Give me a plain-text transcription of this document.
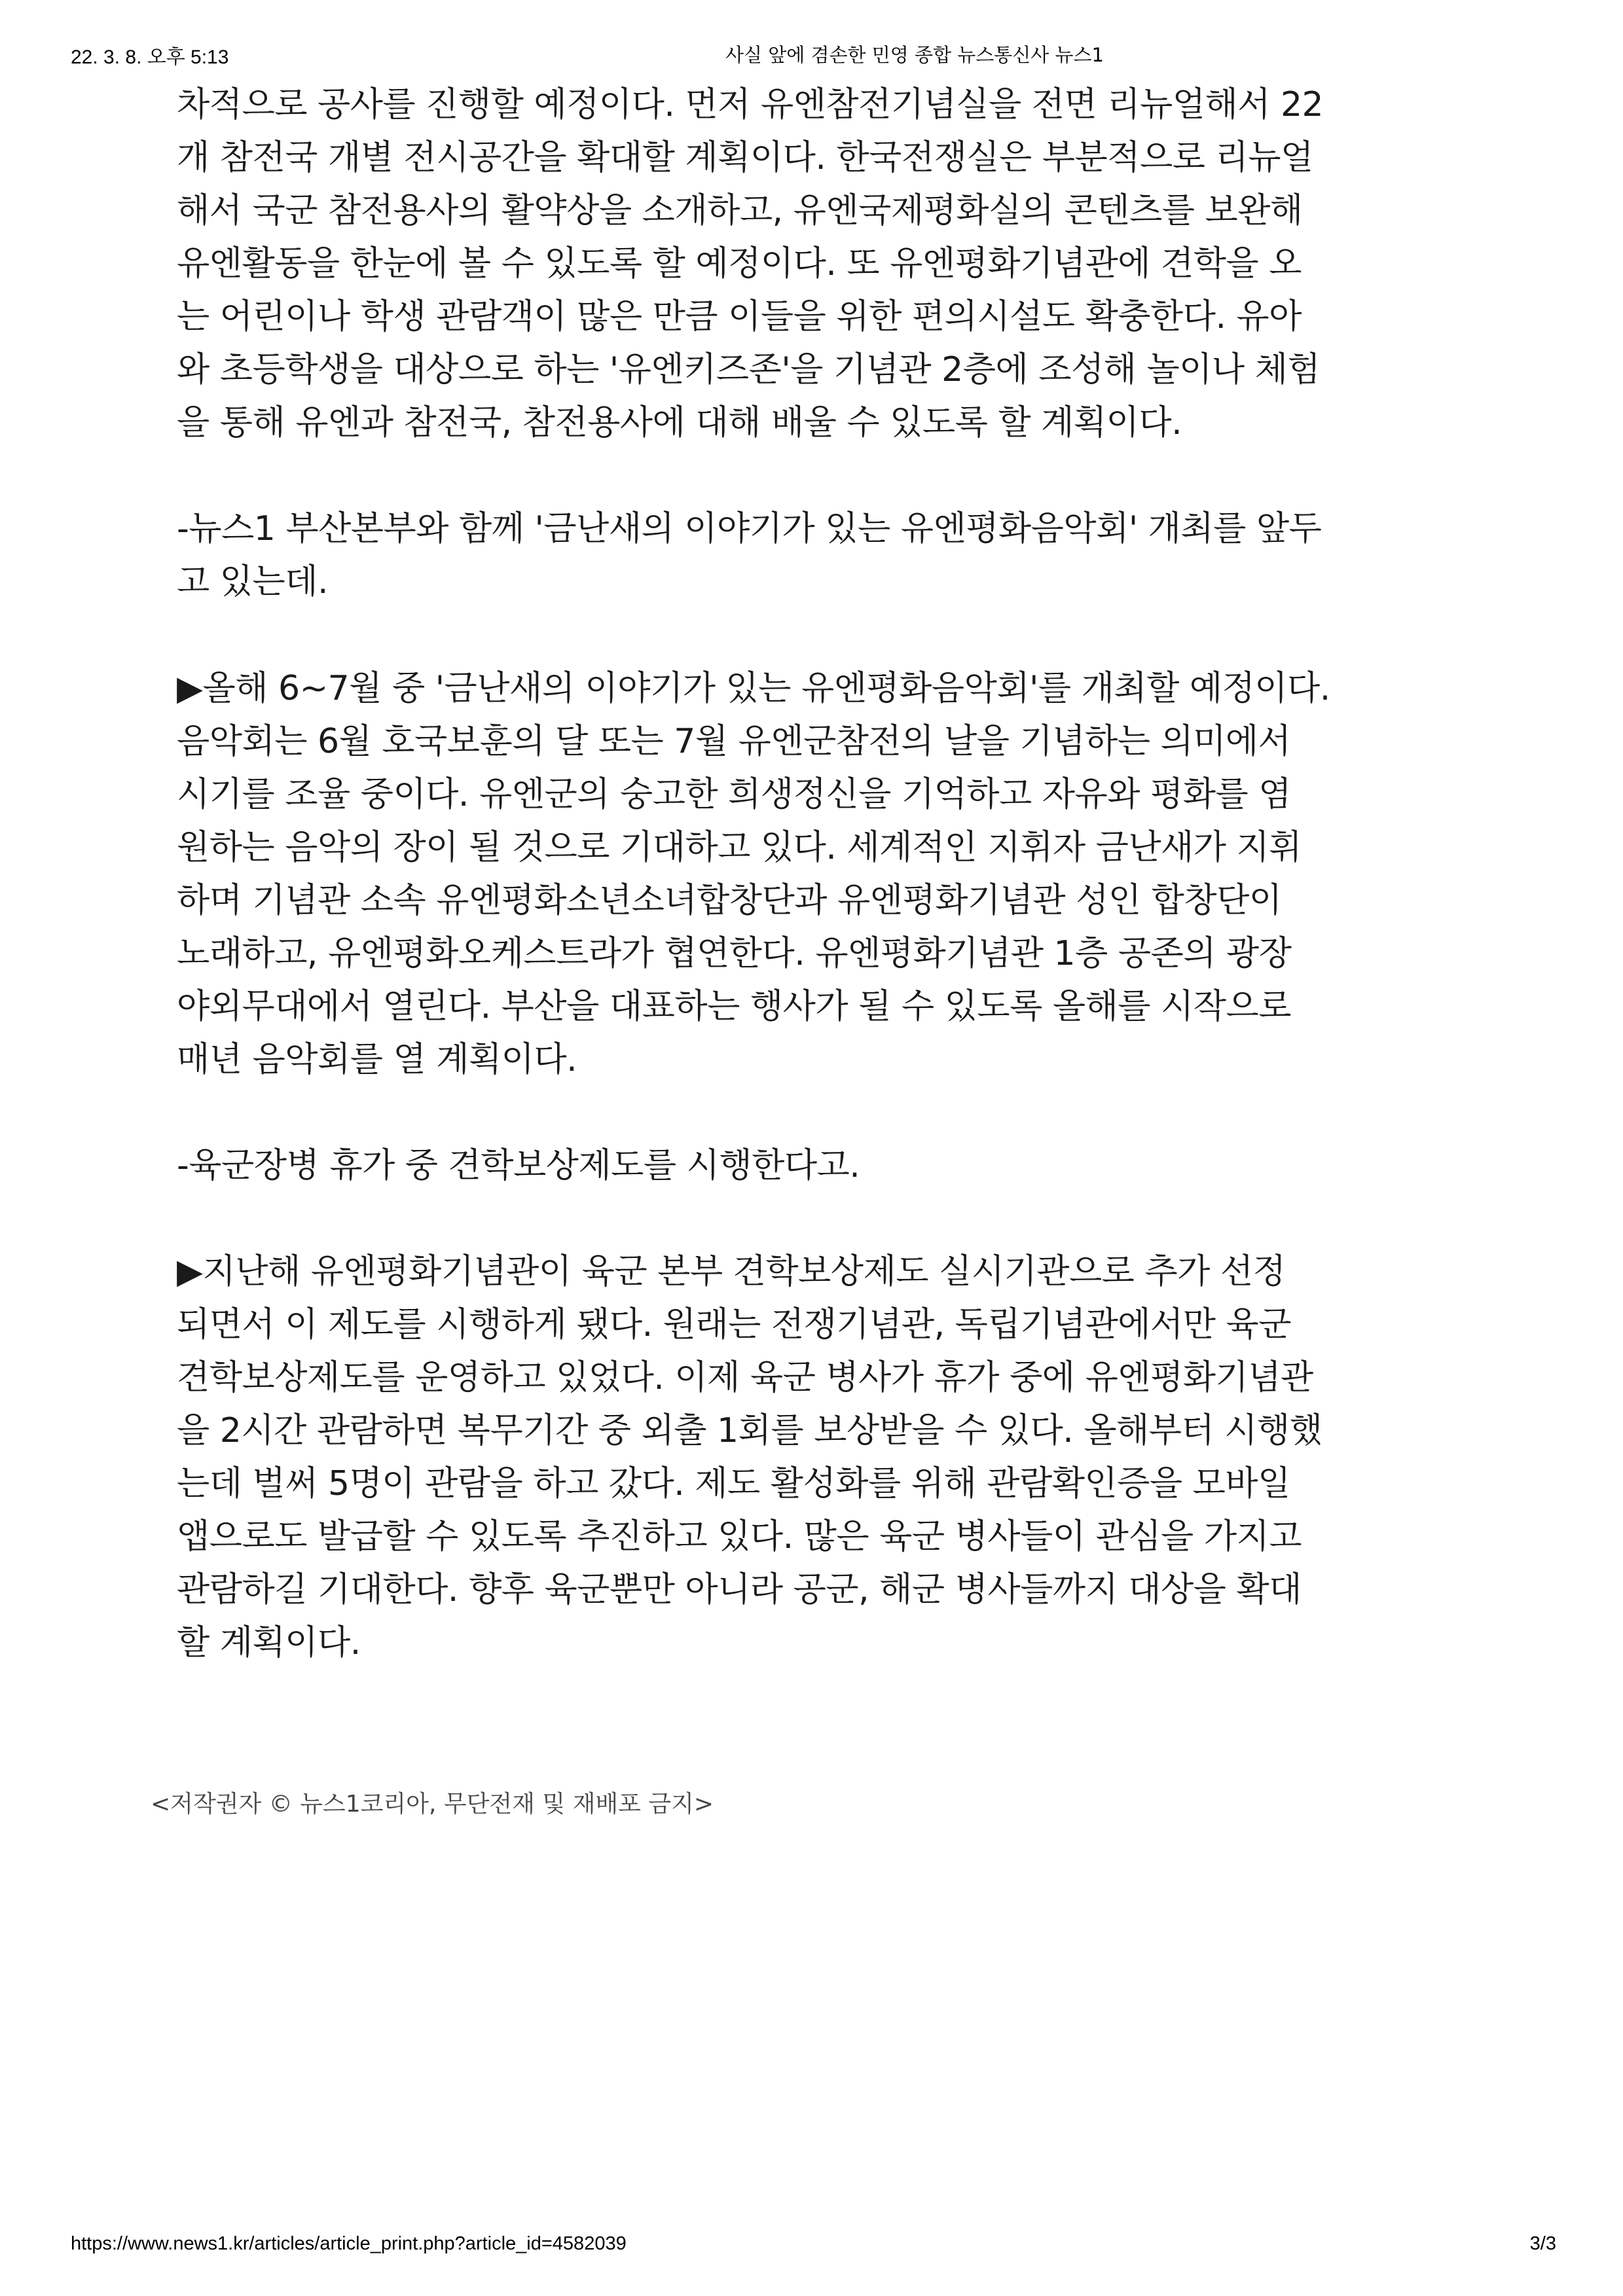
22. 3. 8. 오후 5:13	사실 앞에 겸손한 민영 종합 뉴스통신사 뉴스1

차적으로 공사를 진행할 예정이다. 먼저 유엔참전기념실을 전면 리뉴얼해서 22
개 참전국 개별 전시공간을 확대할 계획이다. 한국전쟁실은 부분적으로 리뉴얼
해서 국군 참전용사의 활약상을 소개하고, 유엔국제평화실의 콘텐츠를 보완해
유엔활동을 한눈에 볼 수 있도록 할 예정이다. 또 유엔평화기념관에 견학을 오
는 어린이나 학생 관람객이 많은 만큼 이들을 위한 편의시설도 확충한다. 유아
와 초등학생을 대상으로 하는 '유엔키즈존'을 기념관 2층에 조성해 놀이나 체험
을 통해 유엔과 참전국, 참전용사에 대해 배울 수 있도록 할 계획이다.

-뉴스1 부산본부와 함께 '금난새의 이야기가 있는 유엔평화음악회' 개최를 앞두
고 있는데.

▶올해 6~7월 중 '금난새의 이야기가 있는 유엔평화음악회'를 개최할 예정이다.
음악회는 6월 호국보훈의 달 또는 7월 유엔군참전의 날을 기념하는 의미에서
시기를 조율 중이다. 유엔군의 숭고한 희생정신을 기억하고 자유와 평화를 염
원하는 음악의 장이 될 것으로 기대하고 있다. 세계적인 지휘자 금난새가 지휘
하며 기념관 소속 유엔평화소년소녀합창단과 유엔평화기념관 성인 합창단이
노래하고, 유엔평화오케스트라가 협연한다. 유엔평화기념관 1층 공존의 광장
야외무대에서 열린다. 부산을 대표하는 행사가 될 수 있도록 올해를 시작으로
매년 음악회를 열 계획이다.

-육군장병 휴가 중 견학보상제도를 시행한다고.

▶지난해 유엔평화기념관이 육군 본부 견학보상제도 실시기관으로 추가 선정
되면서 이 제도를 시행하게 됐다. 원래는 전쟁기념관, 독립기념관에서만 육군
견학보상제도를 운영하고 있었다. 이제 육군 병사가 휴가 중에 유엔평화기념관
을 2시간 관람하면 복무기간 중 외출 1회를 보상받을 수 있다. 올해부터 시행했
는데 벌써 5명이 관람을 하고 갔다. 제도 활성화를 위해 관람확인증을 모바일
앱으로도 발급할 수 있도록 추진하고 있다. 많은 육군 병사들이 관심을 가지고
관람하길 기대한다. 향후 육군뿐만 아니라 공군, 해군 병사들까지 대상을 확대
할 계획이다.

<저작권자 © 뉴스1코리아, 무단전재 및 재배포 금지>
https://www.news1.kr/articles/article_print.php?article_id=4582039	3/3
